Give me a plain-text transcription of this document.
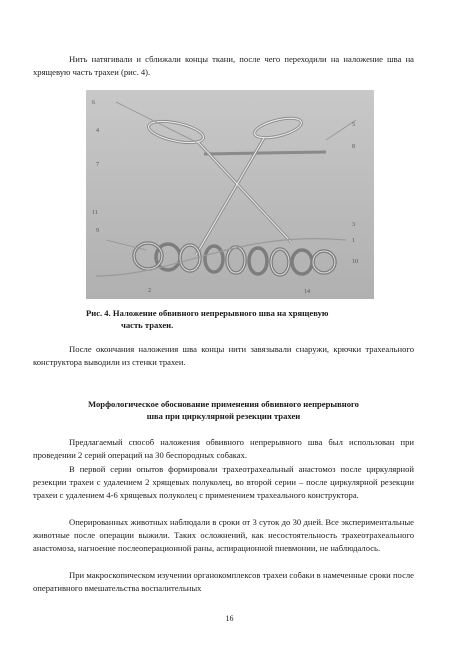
Нить натягивали и сближали концы ткани, после чего переходили на наложение шва на хрящевую часть трахеи (рис. 4).

6
4
7
11
9
2	14
10
1
3
8
5

Рис. 4. Наложение обвивного непрерывного шва на хрящевую
часть трахеи.

После окончания наложения шва концы нити завязывали снаружи, крючки трахеального конструктора выводили из стенки трахеи.

Морфологическое обоснование применения обвивного непрерывного
шва при циркулярной резекции трахеи

Предлагаемый способ наложения обвивного непрерывного шва был использован при проведении 2 серий операций на 30 беспородных собаках.

В первой серии опытов формировали трахеотрахеальный анастомоз после циркулярной резекции трахеи с удалением 2 хрящевых полуколец, во второй серии – после циркулярной резекции трахеи с удалением 4-6 хрящевых полуколец с применением трахеального конструктора.

Оперированных животных наблюдали в сроки от 3 суток до 30 дней. Все экспериментальные животные после операции выжили. Таких осложнений, как несостоятельность трахеотрахеального анастомоза, нагноение послеоперационной раны, аспирационной пневмонии, не наблюдалось.

При макроскопическом изучении органокомплексов трахеи собаки в намеченные сроки после оперативного вмешательства воспалительных

16
